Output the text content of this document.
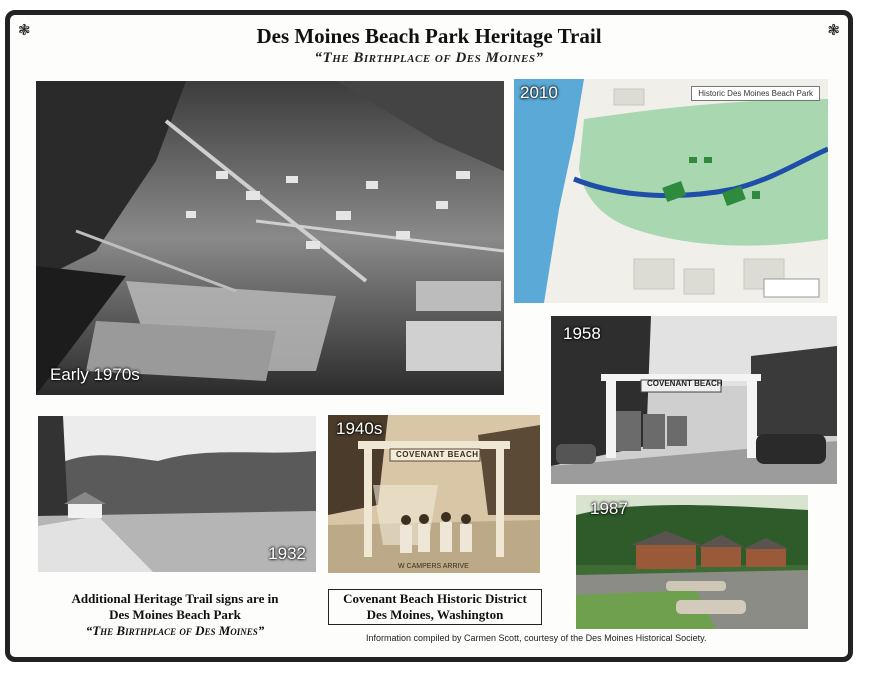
❃	❃
Des Moines Beach Park Heritage Trail
“The Birthplace of Des Moines”
Early 1970s
Historic Des Moines Beach Park
2010
1958
COVENANT BEACH
1932
1940s
COVENANT BEACH
W CAMPERS ARRIVE
1987
Additional Heritage Trail signs are in
Des Moines Beach Park
“The Birthplace of Des Moines”
Covenant Beach Historic District
Des Moines, Washington
Information compiled by Carmen Scott, courtesy of the Des Moines Historical Society.
